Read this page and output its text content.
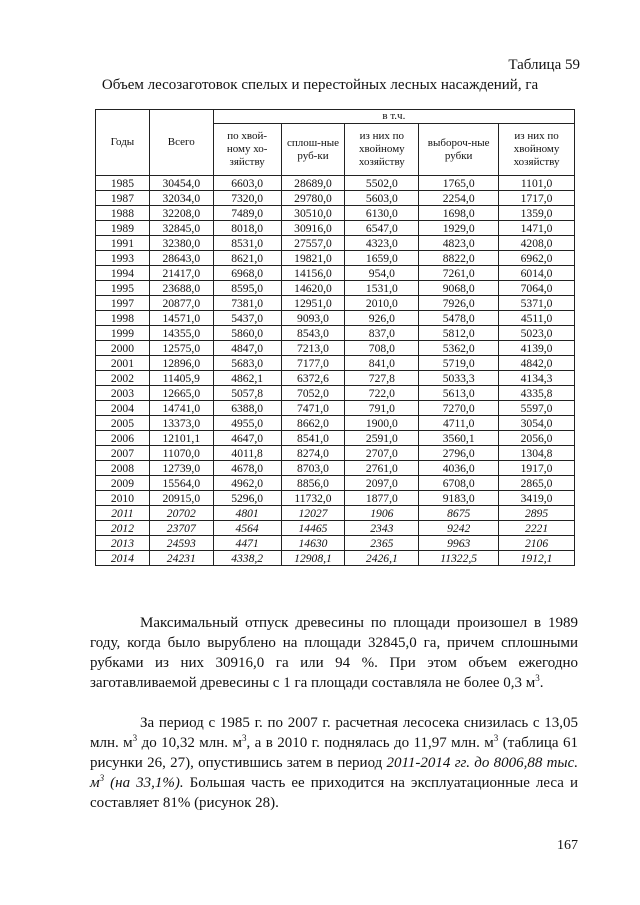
Таблица 59
Объем лесозаготовок спелых и перестойных лесных насаждений, га
Годы	Всего	в т.ч.				
		по хвой-ному хо-зяйству	сплош-ные руб-ки	из них по хвойному хозяйству	выбороч-ные рубки	из них по хвойному хозяйству
1985	30454,0	6603,0	28689,0	5502,0	1765,0	1101,0
1987	32034,0	7320,0	29780,0	5603,0	2254,0	1717,0
1988	32208,0	7489,0	30510,0	6130,0	1698,0	1359,0
1989	32845,0	8018,0	30916,0	6547,0	1929,0	1471,0
1991	32380,0	8531,0	27557,0	4323,0	4823,0	4208,0
1993	28643,0	8621,0	19821,0	1659,0	8822,0	6962,0
1994	21417,0	6968,0	14156,0	954,0	7261,0	6014,0
1995	23688,0	8595,0	14620,0	1531,0	9068,0	7064,0
1997	20877,0	7381,0	12951,0	2010,0	7926,0	5371,0
1998	14571,0	5437,0	9093,0	926,0	5478,0	4511,0
1999	14355,0	5860,0	8543,0	837,0	5812,0	5023,0
2000	12575,0	4847,0	7213,0	708,0	5362,0	4139,0
2001	12896,0	5683,0	7177,0	841,0	5719,0	4842,0
2002	11405,9	4862,1	6372,6	727,8	5033,3	4134,3
2003	12665,0	5057,8	7052,0	722,0	5613,0	4335,8
2004	14741,0	6388,0	7471,0	791,0	7270,0	5597,0
2005	13373,0	4955,0	8662,0	1900,0	4711,0	3054,0
2006	12101,1	4647,0	8541,0	2591,0	3560,1	2056,0
2007	11070,0	4011,8	8274,0	2707,0	2796,0	1304,8
2008	12739,0	4678,0	8703,0	2761,0	4036,0	1917,0
2009	15564,0	4962,0	8856,0	2097,0	6708,0	2865,0
2010	20915,0	5296,0	11732,0	1877,0	9183,0	3419,0
2011	20702	4801	12027	1906	8675	2895
2012	23707	4564	14465	2343	9242	2221
2013	24593	4471	14630	2365	9963	2106
2014	24231	4338,2	12908,1	2426,1	11322,5	1912,1

Максимальный отпуск древесины по площади произошел в 1989 году, когда было вырублено на площади 32845,0 га, причем сплошными рубками из них 30916,0 га или 94 %. При этом объем ежегодно заготавливаемой древесины с 1 га площади составляла не более 0,3 $м^3$.

За период с 1985 г. по 2007 г. расчетная лесосека снизилась с 13,05 млн. $м^3$ до 10,32 млн. $м^3$, а в 2010 г. поднялась до 11,97 млн. $м^3$ (таблица 61 рисунки 26, 27), опустившись затем в период 2011-2014 гг. до 8006,88 тыс. $м^3$ (на 33,1%). Большая часть ее приходится на эксплуатационные леса и составляет 81% (рисунок 28).

167
